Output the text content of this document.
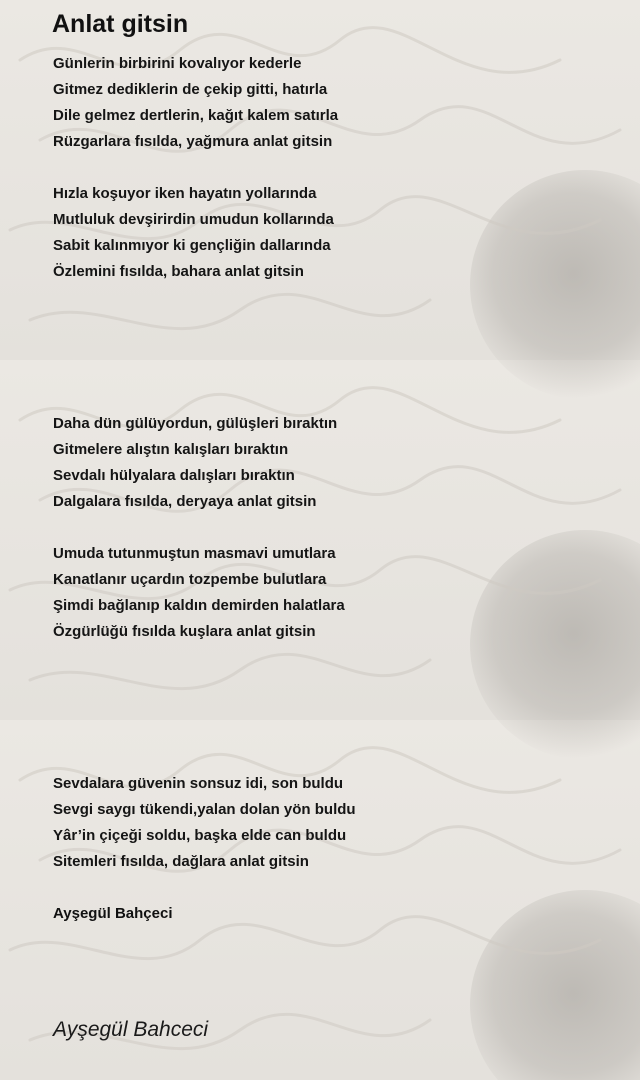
Anlat gitsin
Günlerin birbirini kovalıyor kederle
Gitmez dediklerin de çekip gitti, hatırla
Dile gelmez dertlerin, kağıt kalem satırla
Rüzgarlara fısılda, yağmura anlat gitsin
Hızla koşuyor iken hayatın yollarında
Mutluluk devşirirdin umudun kollarında
Sabit kalınmıyor ki gençliğin dallarında
Özlemini fısılda, bahara anlat gitsin
Daha dün gülüyordun, gülüşleri bıraktın
Gitmelere alıştın kalışları bıraktın
Sevdalı hülyalara dalışları bıraktın
Dalgalara fısılda, deryaya anlat gitsin
Umuda tutunmuştun masmavi umutlara
Kanatlanır uçardın tozpembe bulutlara
Şimdi bağlanıp kaldın demirden halatlara
Özgürlüğü fısılda kuşlara anlat gitsin
Sevdalara güvenin sonsuz idi, son buldu
Sevgi saygı tükendi,yalan dolan yön buldu
Yâr’in çiçeği soldu, başka elde can buldu
Sitemleri fısılda, dağlara anlat gitsin
Ayşegül Bahçeci
Ayşegül Bahceci
